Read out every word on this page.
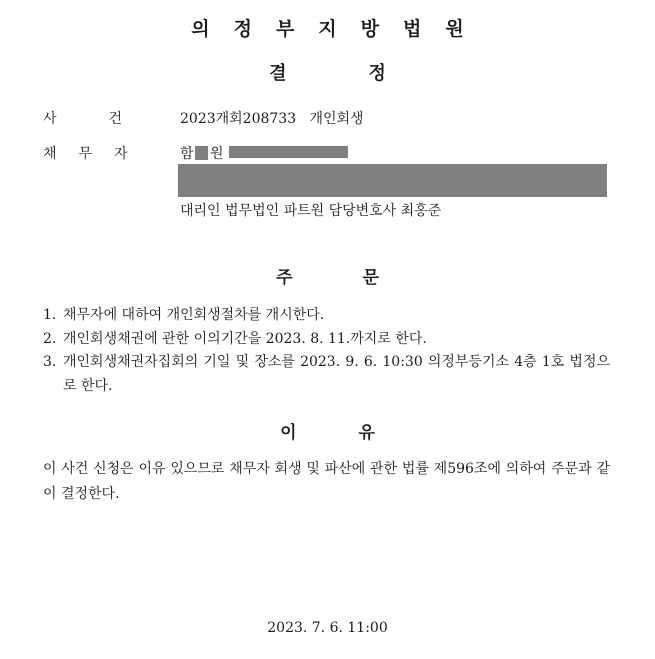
의정부지방법원
결정
사건 2023개회208733   개인회생
채무자 함 원
대리인 법무법인 파트원 담당변호사 최홍준
주문
1. 채무자에 대하여 개인회생절차를 개시한다.
2. 개인회생채권에 관한 이의기간을 2023. 8. 11.까지로 한다.
3. 개인회생채권자집회의 기일 및 장소를 2023. 9. 6. 10:30 의정부등기소 4층 1호 법정으로 한다.
이유
이 사건 신청은 이유 있으므로 채무자 회생 및 파산에 관한 법률 제596조에 의하여 주문과 같이 결정한다.
2023. 7. 6. 11:00
